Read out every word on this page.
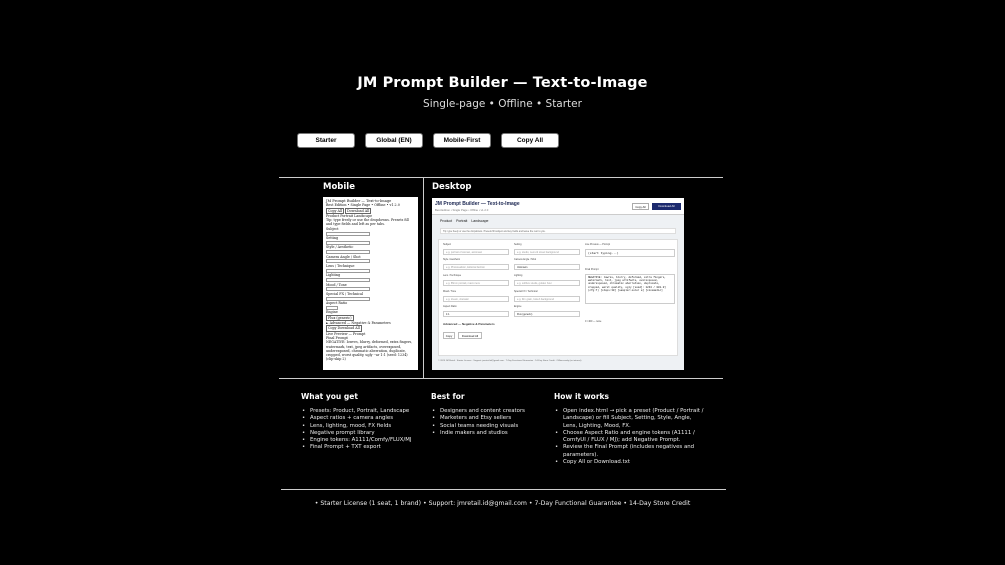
JM Prompt Builder — Text-to-Image
Single-page • Offline • Starter
Starter	Global (EN)	Mobile-First	Copy All
Mobile	Desktop
JM Prompt Builder — Text-to-Image
Best Edition • Single Page • Offline • v1.2.0
Copy All Download All
Product Portrait Landscape
Tip: type freely or use the dropdowns. Presets fill and type fields and left as per tabs.
Subject
Setting
Style / Aesthetic
Camera Angle / Shot
Lens / Technique
Lighting
Mood / Tone
Special FX / Technical
Aspect Ratio
Engine
Flux (generic)
► Advanced — Negative & Parameters
Copy Download All
Live Preview — Prompt
Final Prompt
NEGATIVE: lowres, blurry, deformed, extra fingers, watermark, text, jpeg artifacts, overexposed, underexposed, chromatic aberration, duplicate, cropped, worst quality, ugly --ar 1:1 (seed: 1234) (clip-skip 2)
JM Prompt Builder — Text-to-Image
Best Edition • Single Page • Offline • v1.2.0
Copy All	Download All
Product Portrait Landscape
Tip: type freely or use the dropdowns. Presets fill subject and key fields and leave the rest to you.
Subject
e.g. portrait of woman, astronaut
Setting
e.g. studio, neon-lit street background
Style / Aesthetic
e.g. Photorealistic, Editorial fashion
Camera Angle / Shot
Unknown
Lens / Technique
e.g. 85mm portrait, macro lens
Lighting
e.g. softbox studio, golden hour
Mood / Tone
e.g. dream, dramatic
Special FX / Technical
e.g. film grain, bokeh background
Aspect Ratio
1:1
Engine
Flux (generic)
Live Preview — Prompt
(start typing...)
Final Prompt
NEGATIVE: lowres, blurry, deformed, extra fingers, watermark, text, jpeg artifacts, overexposed, underexposed, chromatic aberration, duplicate, cropped, worst quality, ugly [seed]: 1234 / 001.0] (cfg:7) [steps:30] [sampler:euler a] [cinematic]
0 / 400 — none
Advanced — Negative & Parameters
Copy	Download All
© 2025 JM Retail · Starter License · Support: jmretail.id@gmail.com · 7-Day Functional Guarantee · 14-Day Store Credit · Offline-ready (no internet)
What you get
• Presets: Product, Portrait, Landscape
• Aspect ratios + camera angles
• Lens, lighting, mood, FX fields
• Negative prompt library
• Engine tokens: A1111/Comfy/FLUX/MJ
• Final Prompt + TXT export
Best for
• Designers and content creators
• Marketers and Etsy sellers
• Social teams needing visuals
• Indie makers and studios
How it works
• Open index.html → pick a preset (Product / Portrait / Landscape) or fill Subject, Setting, Style, Angle, Lens, Lighting, Mood, FX.
• Choose Aspect Ratio and engine tokens (A1111 / ComfyUI / FLUX / MJ); add Negative Prompt.
• Review the Final Prompt (includes negatives and parameters).
• Copy All or Download.txt
• Starter License (1 seat, 1 brand) • Support: jmretail.id@gmail.com • 7-Day Functional Guarantee • 14-Day Store Credit
